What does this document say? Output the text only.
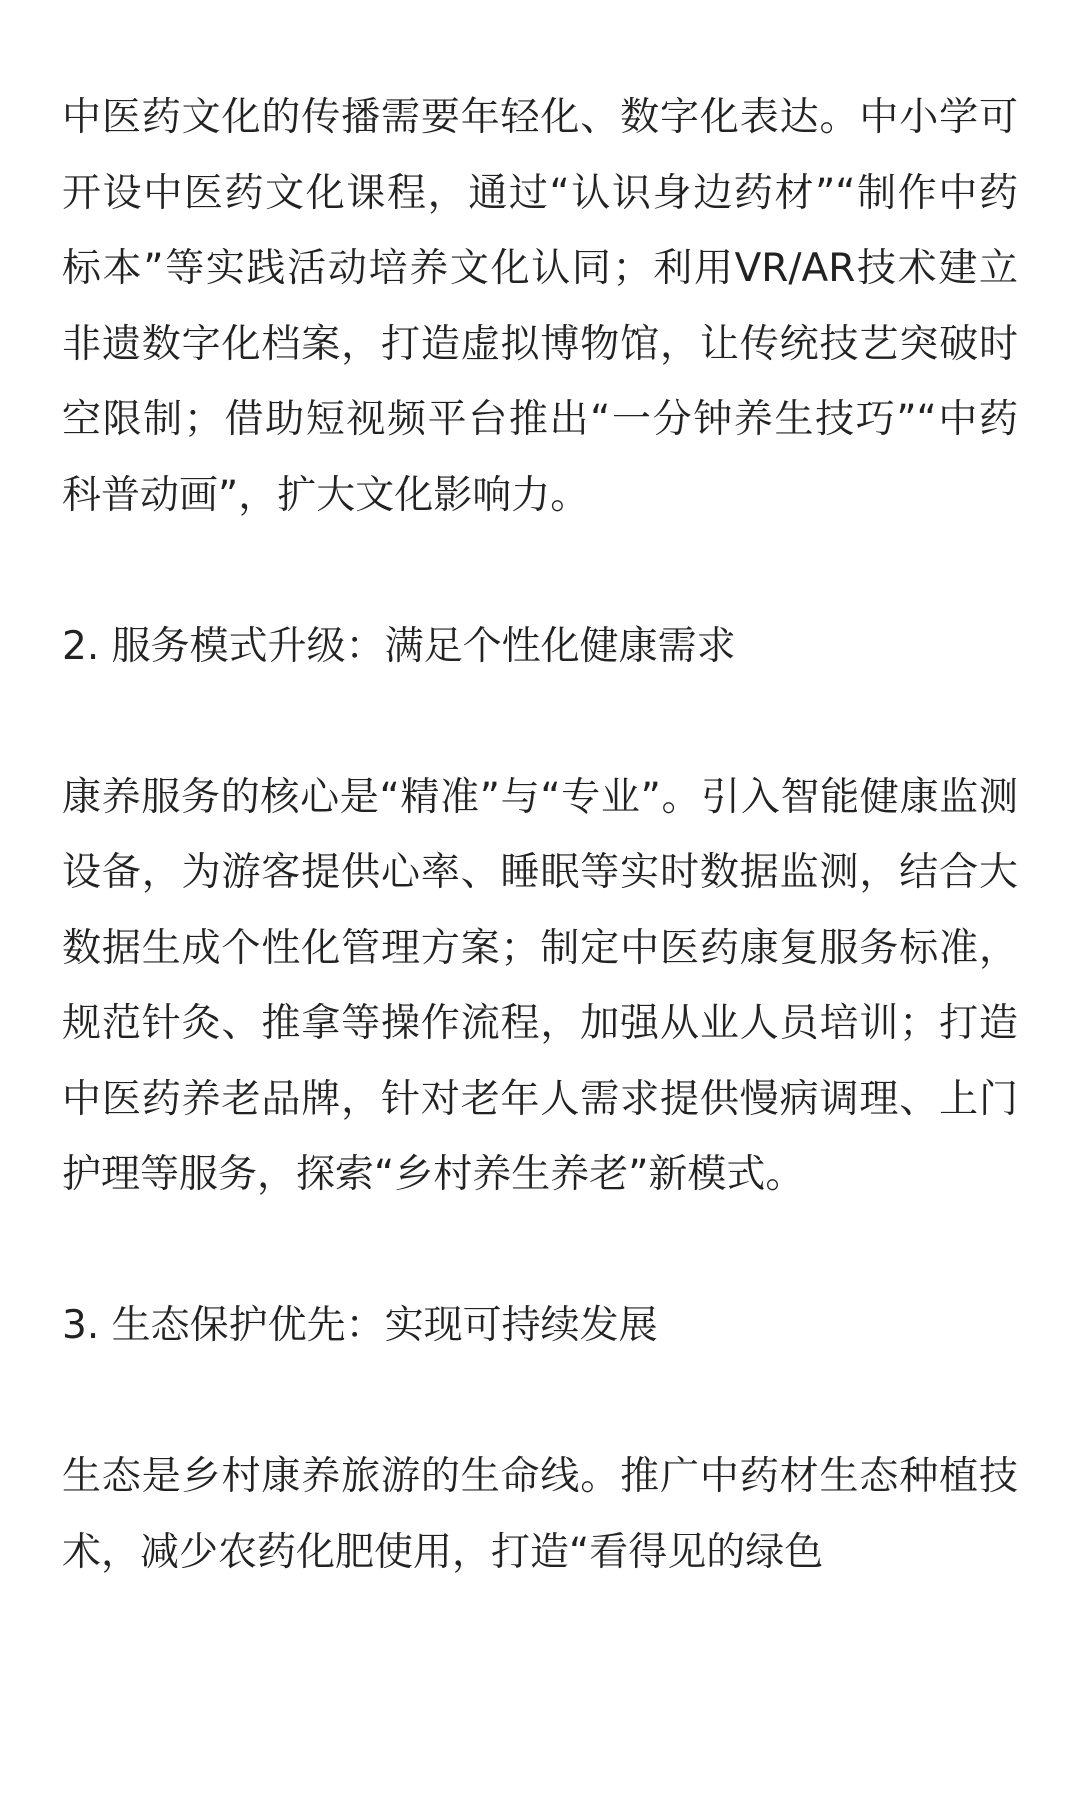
中医药文化的传播需要年轻化、数字化表达。中小学可开设中医药文化课程，通过“认识身边药材”“制作中药标本”等实践活动培养文化认同；利用VR/AR技术建立非遗数字化档案，打造虚拟博物馆，让传统技艺突破时空限制；借助短视频平台推出“一分钟养生技巧”“中药科普动画”，扩大文化影响力。

2. 服务模式升级：满足个性化健康需求

康养服务的核心是“精准”与“专业”。引入智能健康监测设备，为游客提供心率、睡眠等实时数据监测，结合大数据生成个性化管理方案；制定中医药康复服务标准，规范针灸、推拿等操作流程，加强从业人员培训；打造中医药养老品牌，针对老年人需求提供慢病调理、上门护理等服务，探索“乡村养生养老”新模式。

3. 生态保护优先：实现可持续发展

生态是乡村康养旅游的生命线。推广中药材生态种植技术，减少农药化肥使用，打造“看得见的绿色
